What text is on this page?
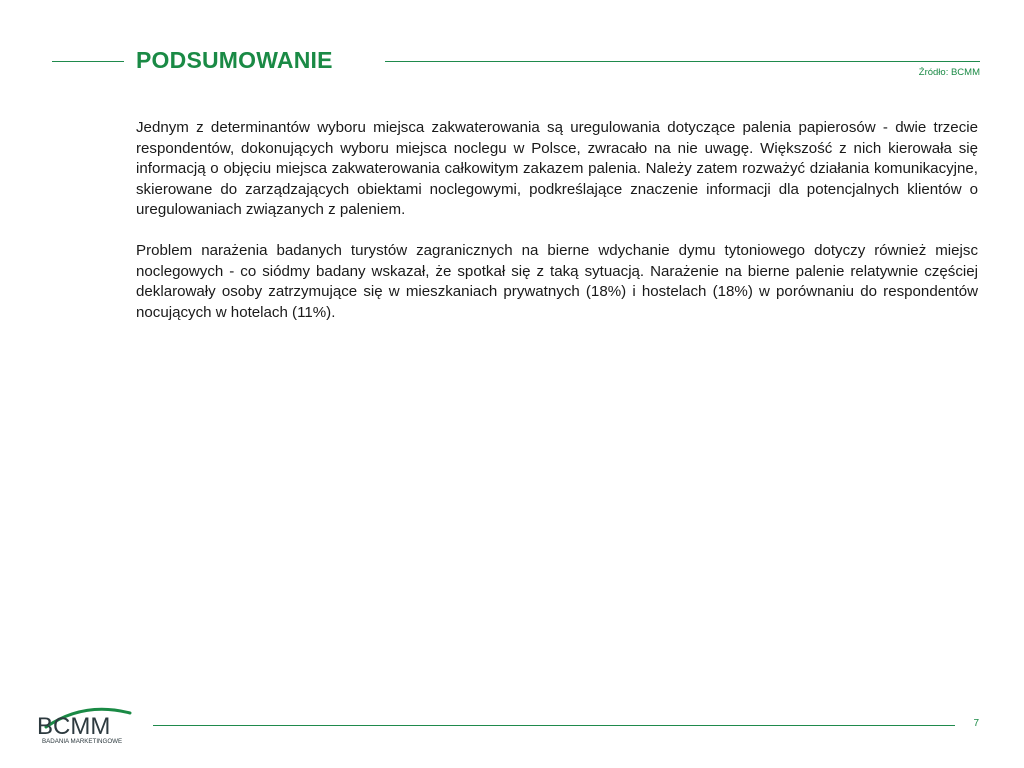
PODSUMOWANIE	Źródło: BCMM

Jednym z determinantów wyboru miejsca zakwaterowania są uregulowania dotyczące palenia papierosów - dwie trzecie respondentów, dokonujących wyboru miejsca noclegu w Polsce, zwracało na nie uwagę. Większość z nich kierowała się informacją o objęciu miejsca zakwaterowania całkowitym zakazem palenia. Należy zatem rozważyć działania komunikacyjne, skierowane do zarządzających obiektami noclegowymi, podkreślające znaczenie informacji dla potencjalnych klientów o uregulowaniach związanych z paleniem.

Problem narażenia badanych turystów zagranicznych na bierne wdychanie dymu tytoniowego dotyczy również miejsc noclegowych - co siódmy badany wskazał, że spotkał się z taką sytuacją. Narażenie na bierne palenie relatywnie częściej deklarowały osoby zatrzymujące się w mieszkaniach prywatnych (18%) i hostelach (18%) w porównaniu do respondentów nocujących w hotelach (11%).

BCMM
BADANIA MARKETINGOWE
7
